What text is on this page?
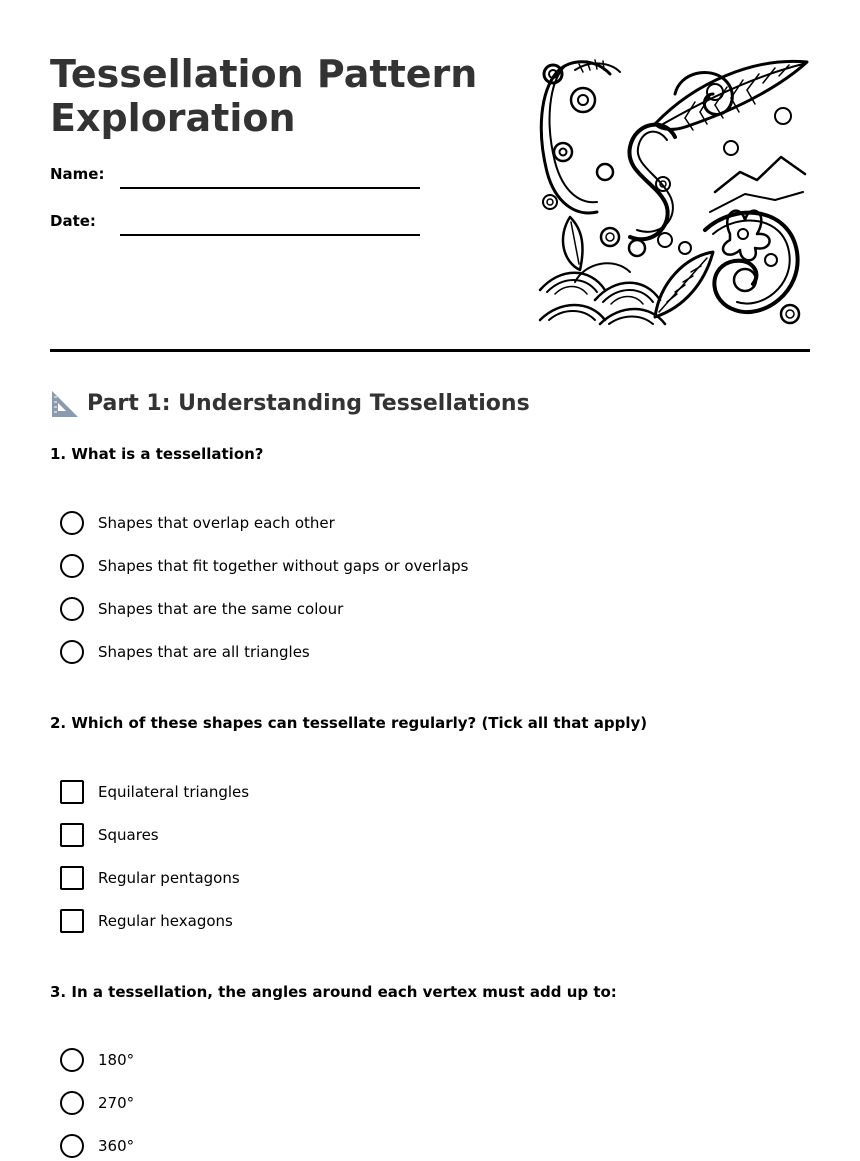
Tessellation Pattern Exploration
Name:
Date:
Part 1: Understanding Tessellations
1. What is a tessellation?
Shapes that overlap each other
Shapes that fit together without gaps or overlaps
Shapes that are the same colour
Shapes that are all triangles
2. Which of these shapes can tessellate regularly? (Tick all that apply)
Equilateral triangles
Squares
Regular pentagons
Regular hexagons
3. In a tessellation, the angles around each vertex must add up to:
180°
270°
360°
